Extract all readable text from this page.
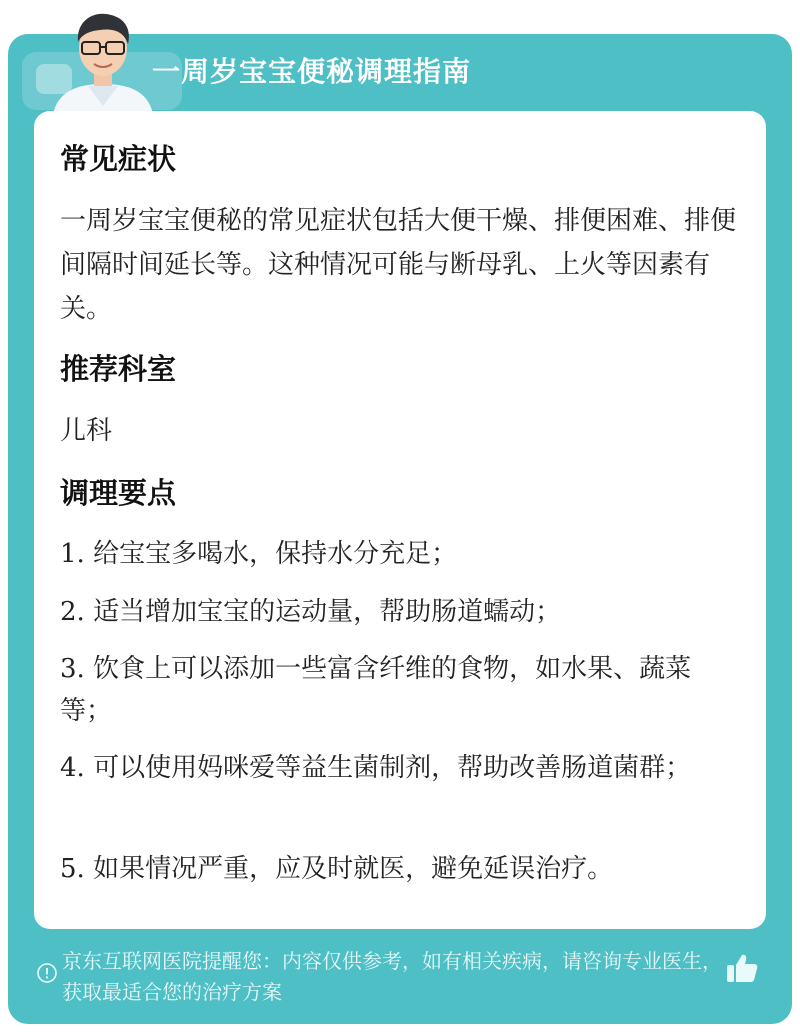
一周岁宝宝便秘调理指南
常见症状
一周岁宝宝便秘的常见症状包括大便干燥、排便困难、排便间隔时间延长等。这种情况可能与断母乳、上火等因素有关。
推荐科室
儿科
调理要点
1. 给宝宝多喝水，保持水分充足；
2. 适当增加宝宝的运动量，帮助肠道蠕动；
3. 饮食上可以添加一些富含纤维的食物，如水果、蔬菜等；
4. 可以使用妈咪爱等益生菌制剂，帮助改善肠道菌群；
5. 如果情况严重，应及时就医，避免延误治疗。
京东互联网医院提醒您：内容仅供参考，如有相关疾病，请咨询专业医生，获取最适合您的治疗方案
